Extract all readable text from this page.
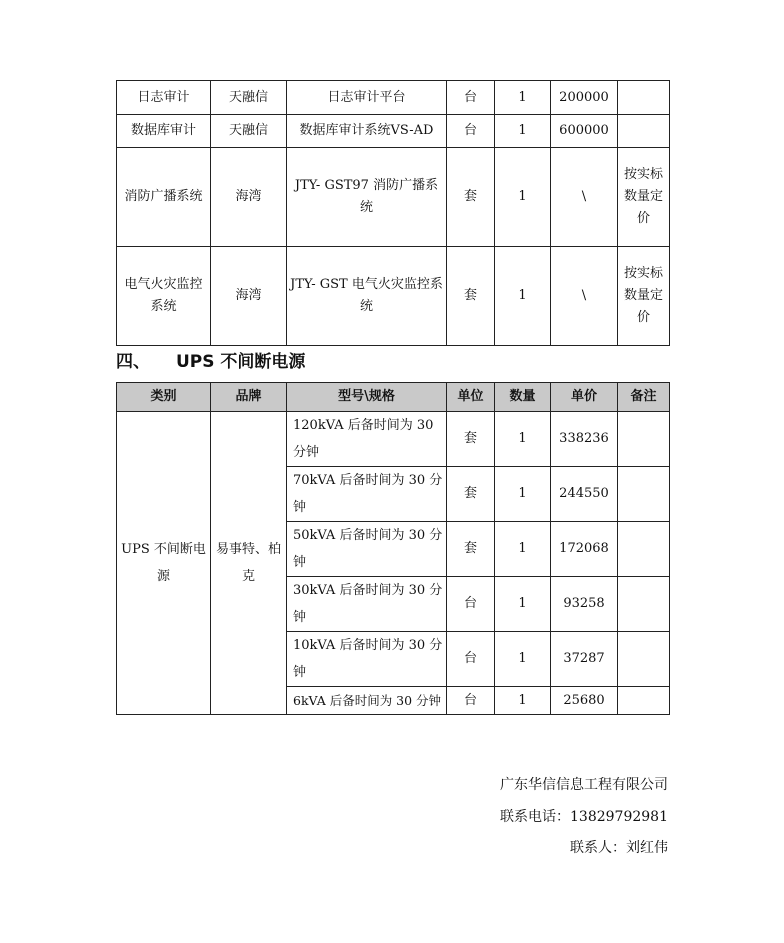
日志审计	天融信	日志审计平台	台	1	200000	
数据库审计	天融信	数据库审计系统VS-AD	台	1	600000	
消防广播系统	海湾	JTY- GST97 消防广播系统	套	1	\	按实标数量定价
电气火灾监控系统	海湾	JTY- GST 电气火灾监控系统	套	1	\	按实标数量定价
四、 UPS 不间断电源
类别	品牌	型号\规格	单位	数量	单价	备注
UPS 不间断电源	易事特、柏克	120kVA 后备时间为 30 分钟	套	1	338236	
		70kVA 后备时间为 30 分钟	套	1	244550	
		50kVA 后备时间为 30 分钟	套	1	172068	
		30kVA 后备时间为 30 分钟	台	1	93258	
		10kVA 后备时间为 30 分钟	台	1	37287	
		6kVA 后备时间为 30 分钟	台	1	25680	
广东华信信息工程有限公司
联系电话：13829792981
联系人：刘红伟
